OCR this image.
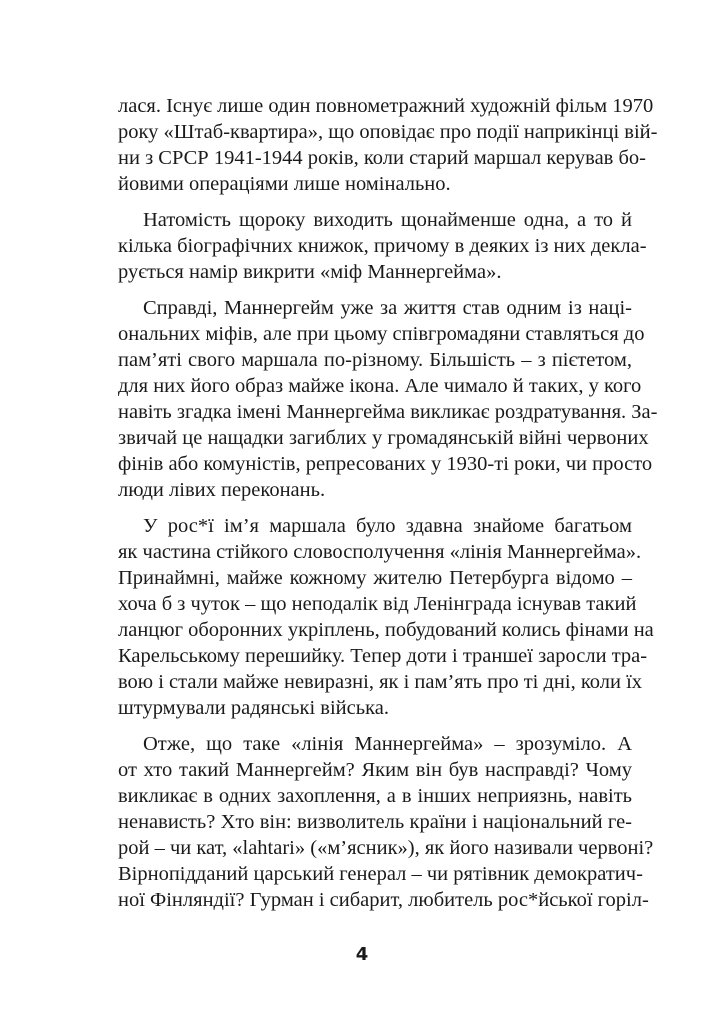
лася. Існує лише один повнометражний художній фільм 1970
року «Штаб-квартира», що оповідає про події наприкінці вій-
ни з СРСР 1941-1944 років, коли старий маршал керував бо-
йовими операціями лише номінально.
Натомість щороку виходить щонайменше одна, а то й
кілька біографічних книжок, причому в деяких із них декла-
рується намір викрити «міф Маннергейма».
Справді, Маннергейм уже за життя став одним із наці-
ональних міфів, але при цьому співгромадяни ставляться до
пам’яті свого маршала по-різному. Більшість – з пієтетом,
для них його образ майже ікона. Але чимало й таких, у кого
навіть згадка імені Маннергейма викликає роздратування. За-
звичай це нащадки загиблих у громадянській війні червоних
фінів або комуністів, репресованих у 1930-ті роки, чи просто
люди лівих переконань.
У рос*ї ім’я маршала було здавна знайоме багатьом
як частина стійкого словосполучення «лінія Маннергейма».
Принаймні, майже кожному жителю Петербурга відомо –
хоча б з чуток – що неподалік від Ленінграда існував такий
ланцюг оборонних укріплень, побудований колись фінами на
Карельському перешийку. Тепер доти і траншеї заросли тра-
вою і стали майже невиразні, як і пам’ять про ті дні, коли їх
штурмували радянські війська.
Отже, що таке «лінія Маннергейма» – зрозуміло. А
от хто такий Маннергейм? Яким він був насправді? Чому
викликає в одних захоплення, а в інших неприязнь, навіть
ненависть? Хто він: визволитель країни і національний ге-
рой – чи кат, «lahtari» («м’ясник»), як його називали червоні?
Вірнопідданий царський генерал – чи рятівник демократич-
ної Фінляндії? Гурман і сибарит, любитель рос*йської горіл-
4
